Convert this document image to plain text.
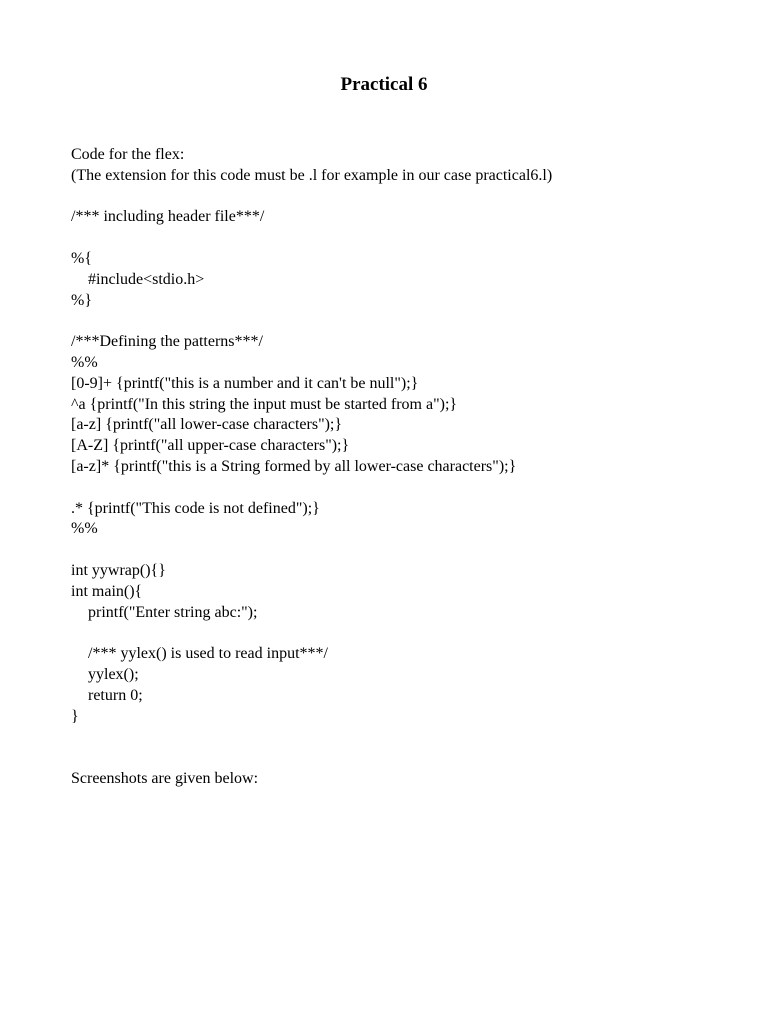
Practical 6
Code for the flex:
(The extension for this code must be .l for example in our case practical6.l)
/*** including header file***/
%{
#include<stdio.h>
%}
/***Defining the patterns***/
%%
[0-9]+ {printf("this is a number and it can't be null");}
^a {printf("In this string the input must be started from a");}
[a-z] {printf("all lower-case characters");}
[A-Z] {printf("all upper-case characters");}
[a-z]* {printf("this is a String formed by all lower-case characters");}
.* {printf("This code is not defined");}
%%
int yywrap(){}
int main(){
printf("Enter string abc:");
/*** yylex() is used to read input***/
yylex();
return 0;
}
Screenshots are given below:
